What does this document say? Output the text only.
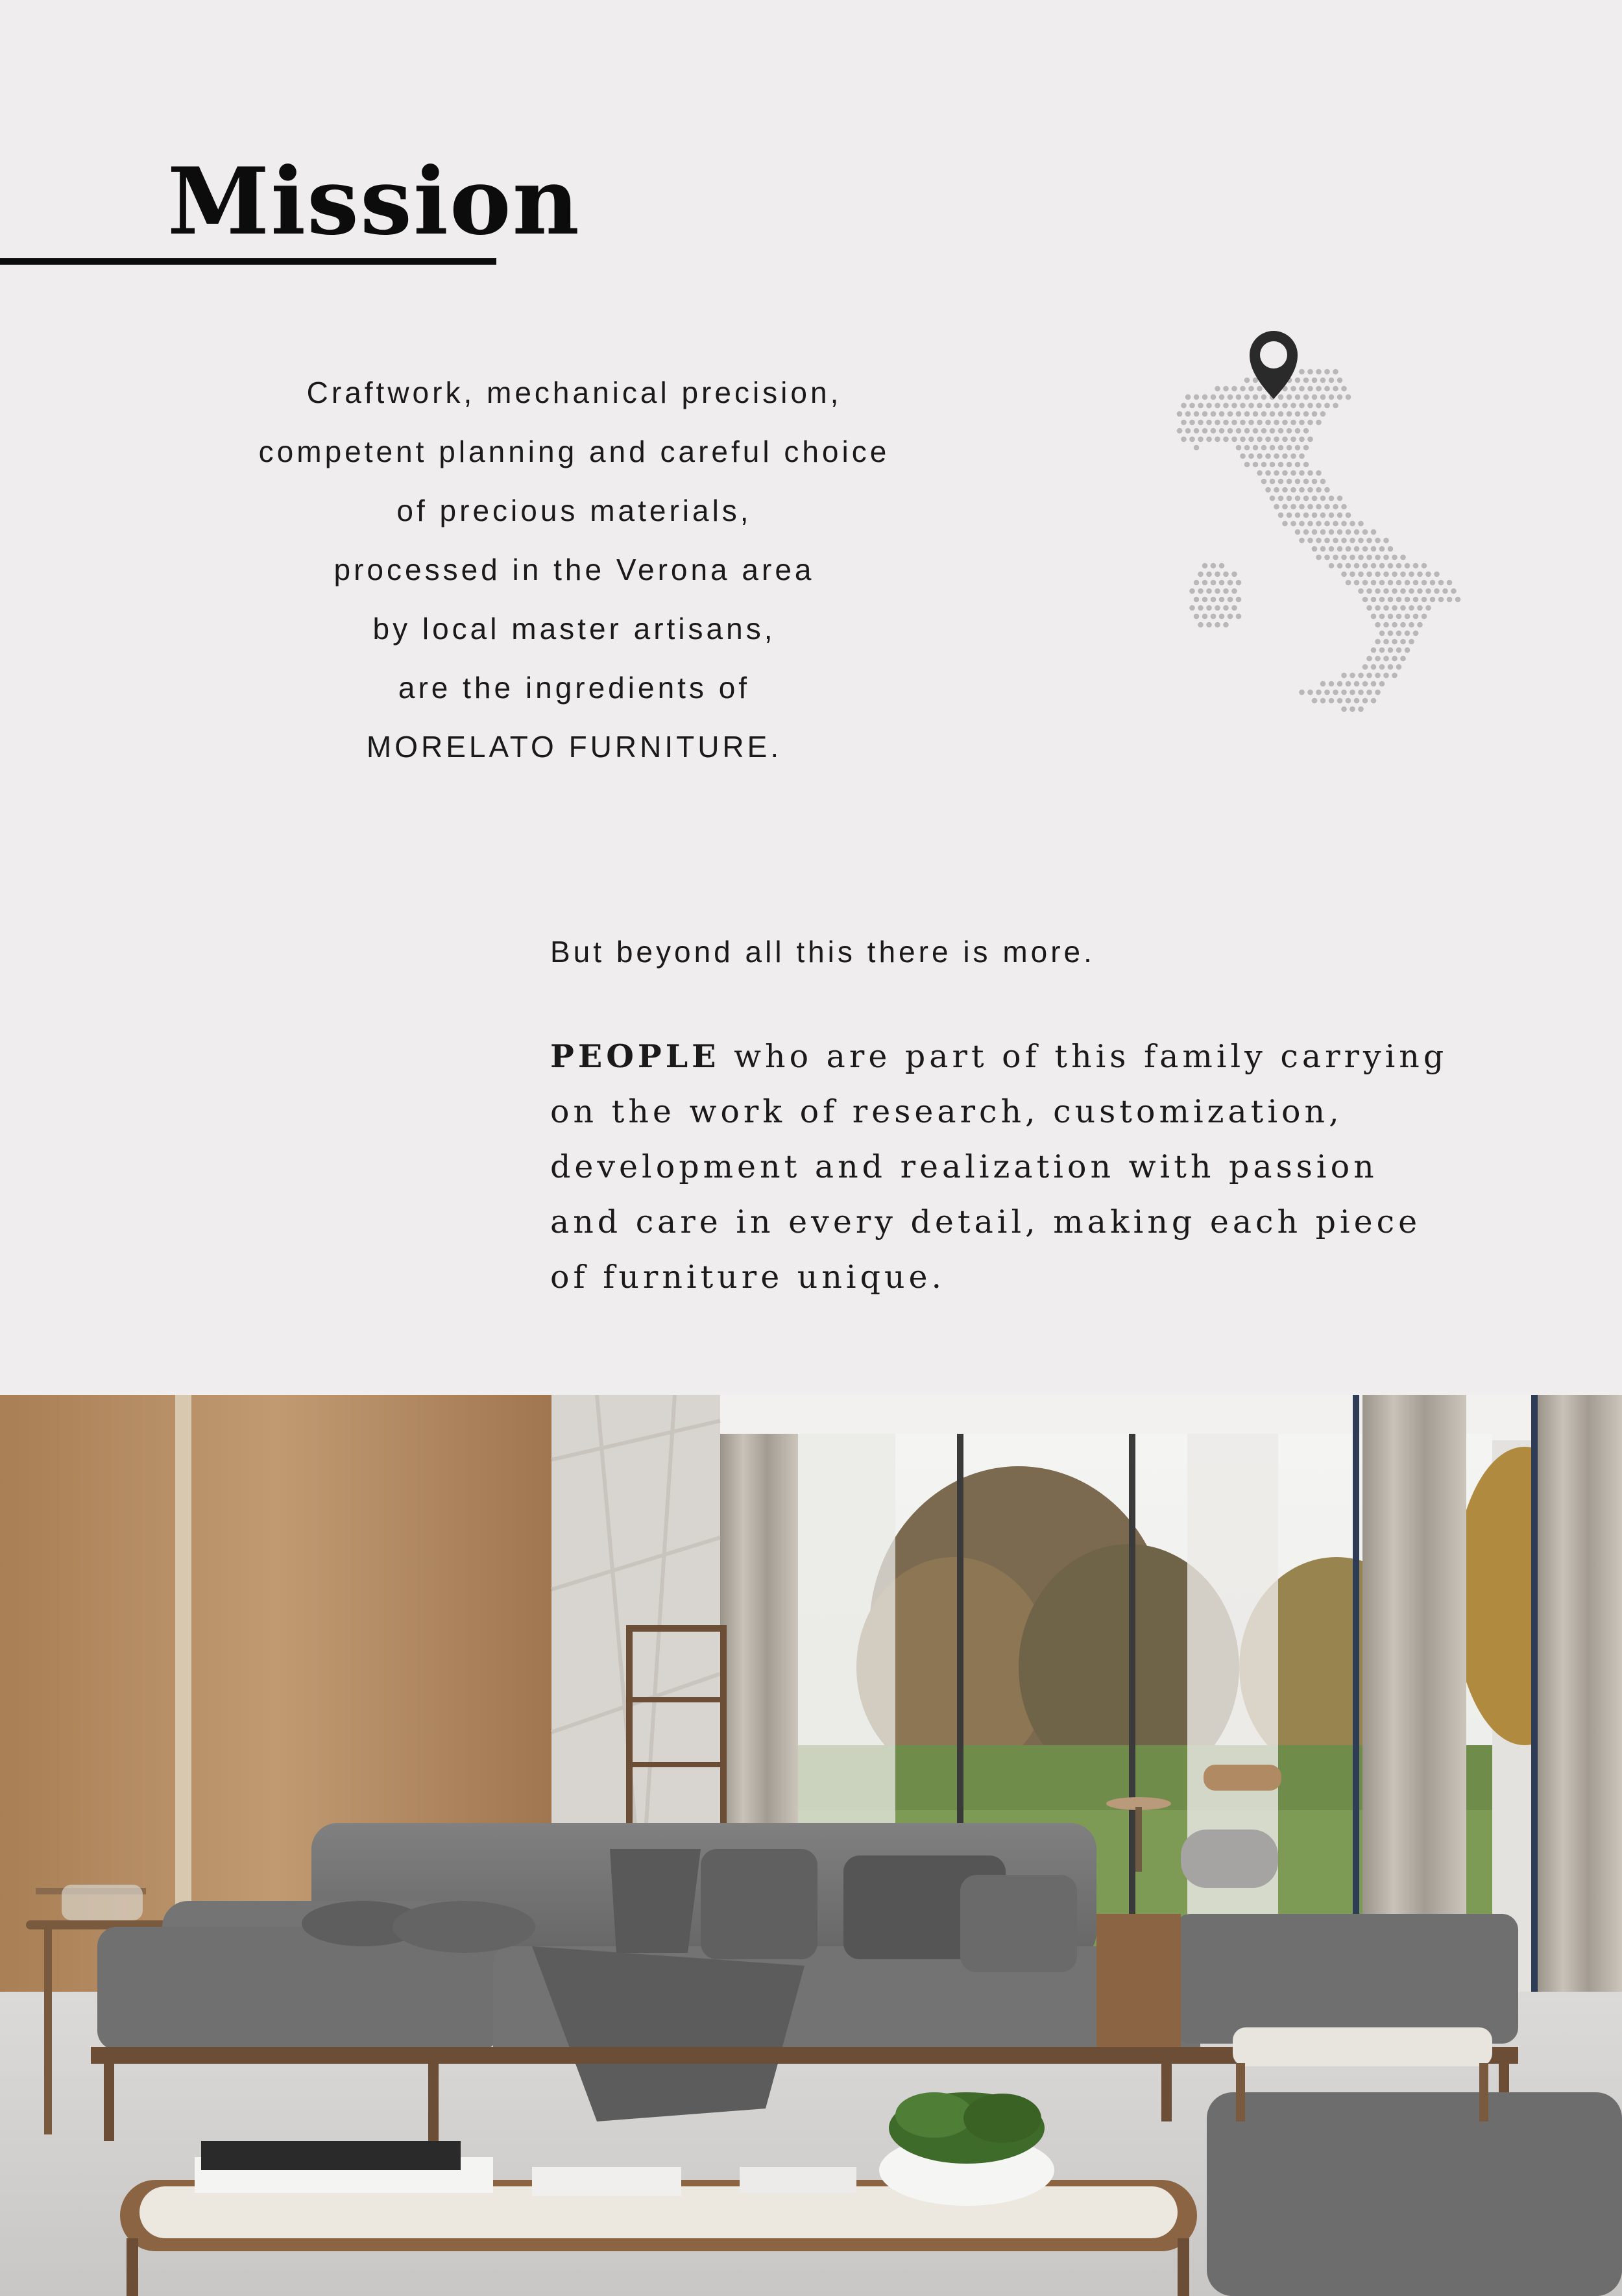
Mission
Craftwork, mechanical precision,
competent planning and careful choice
of precious materials,
processed in the Verona area
by local master artisans,
are the ingredients of
MORELATO FURNITURE.

But beyond all this there is more.

PEOPLE who are part of this family carrying
on the work of research, customization,
development and realization with passion
and care in every detail, making each piece
of furniture unique.
